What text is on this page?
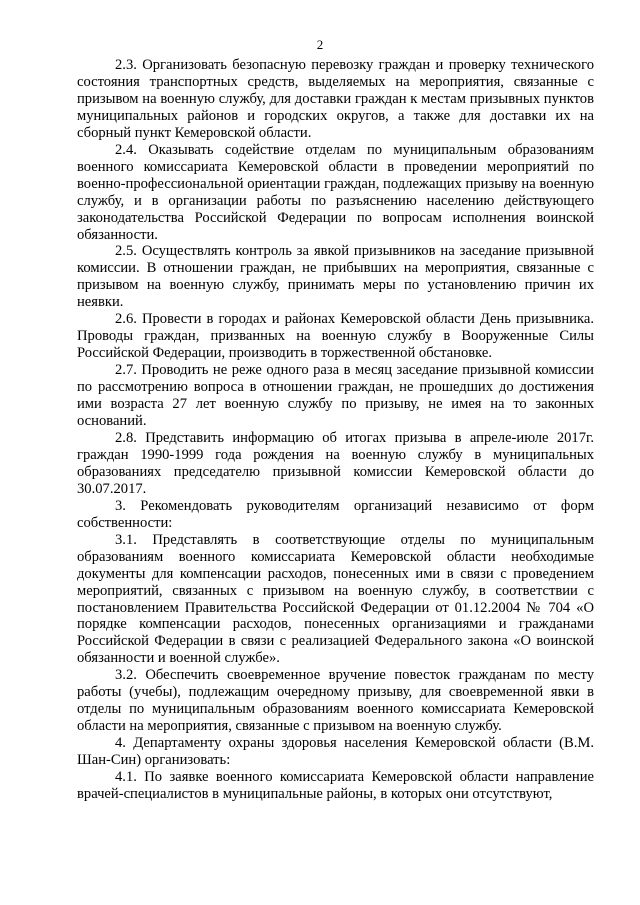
2

2.3. Организовать безопасную перевозку граждан и проверку технического состояния транспортных средств, выделяемых на мероприятия, связанные с призывом на военную службу, для доставки граждан к местам призывных пунктов муниципальных районов и городских округов, а также для доставки их на сборный пункт Кемеровской области.

2.4. Оказывать содействие отделам по муниципальным образованиям военного комиссариата Кемеровской области в проведении мероприятий по военно-профессиональной ориентации граждан, подлежащих призыву на военную службу, и в организации работы по разъяснению населению действующего законодательства Российской Федерации по вопросам исполнения воинской обязанности.

2.5. Осуществлять контроль за явкой призывников на заседание призывной комиссии. В отношении граждан, не прибывших на мероприятия, связанные с призывом на военную службу, принимать меры по установлению причин их неявки.

2.6. Провести в городах и районах Кемеровской области День призывника. Проводы граждан, призванных на военную службу в Вооруженные Силы Российской Федерации, производить в торжественной обстановке.

2.7. Проводить не реже одного раза в месяц заседание призывной комиссии по рассмотрению вопроса в отношении граждан, не прошедших до достижения ими возраста 27 лет военную службу по призыву, не имея на то законных оснований.

2.8. Представить информацию об итогах призыва в апреле-июле 2017г. граждан 1990-1999 года рождения на военную службу в муниципальных образованиях председателю призывной комиссии Кемеровской области до 30.07.2017.

3. Рекомендовать руководителям организаций независимо от форм собственности:

3.1. Представлять в соответствующие отделы по муниципальным образованиям военного комиссариата Кемеровской области необходимые документы для компенсации расходов, понесенных ими в связи с проведением мероприятий, связанных с призывом на военную службу, в соответствии с постановлением Правительства Российской Федерации от 01.12.2004 № 704 «О порядке компенсации расходов, понесенных организациями и гражданами Российской Федерации в связи с реализацией Федерального закона «О воинской обязанности и военной службе».

3.2. Обеспечить своевременное вручение повесток гражданам по месту работы (учебы), подлежащим очередному призыву, для своевременной явки в отделы по муниципальным образованиям военного комиссариата Кемеровской области на мероприятия, связанные с призывом на военную службу.

4. Департаменту охраны здоровья населения Кемеровской области (В.М. Шан-Син) организовать:

4.1. По заявке военного комиссариата Кемеровской области направление врачей-специалистов в муниципальные районы, в которых они отсутствуют,
